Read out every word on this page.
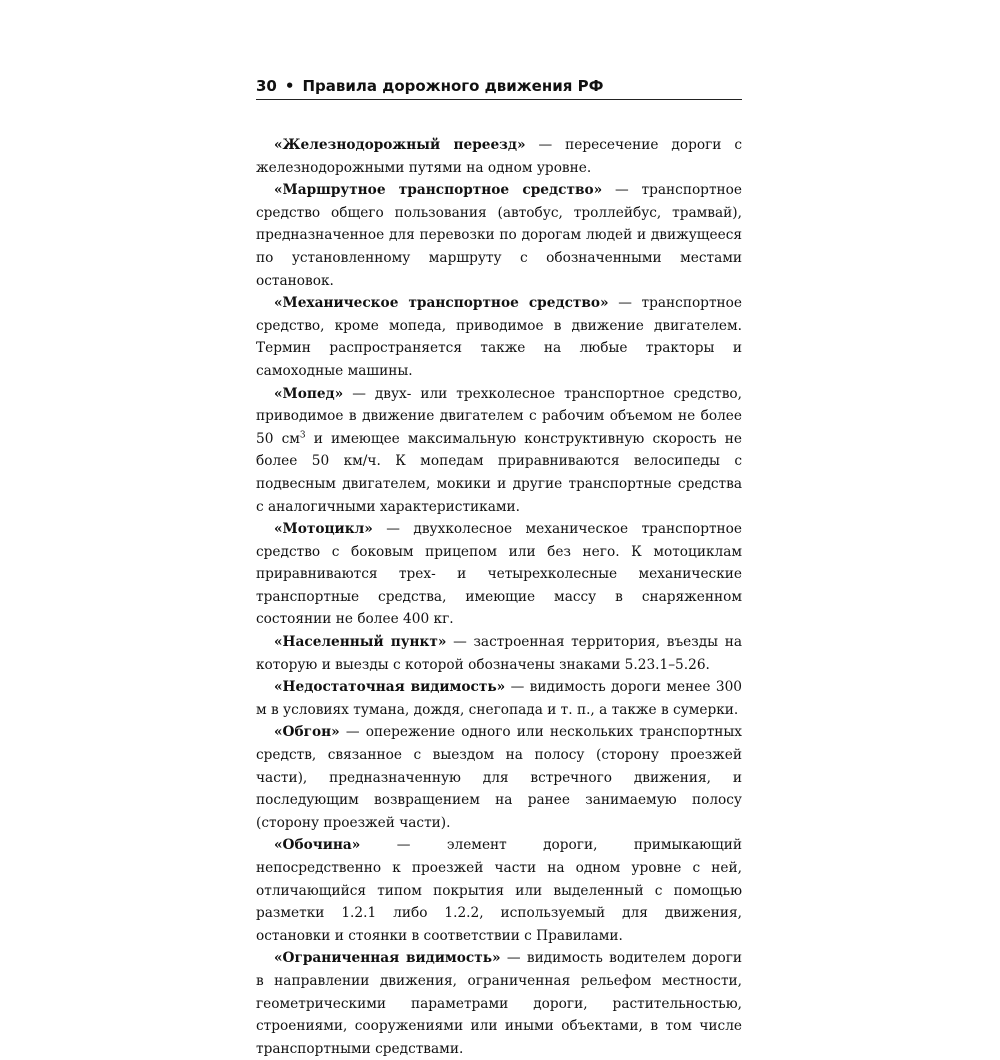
30 • Правила дорожного движения РФ

«Железнодорожный переезд» — пересечение дороги с железнодорожными путями на одном уровне.

«Маршрутное транспортное средство» — транспортное средство общего пользования (автобус, троллейбус, трамвай), предназначенное для перевозки по дорогам людей и движущееся по установленному маршруту с обозначенными местами остановок.

«Механическое транспортное средство» — транспортное средство, кроме мопеда, приводимое в движение двигателем. Термин распространяется также на любые тракторы и самоходные машины.

«Мопед» — двух- или трехколесное транспортное средство, приводимое в движение двигателем с рабочим объемом не более 50 $см^3$ и имеющее максимальную конструктивную скорость не более 50 км/ч. К мопедам приравниваются велосипеды с подвесным двигателем, мокики и другие транспортные средства с аналогичными характеристиками.

«Мотоцикл» — двухколесное механическое транспортное средство с боковым прицепом или без него. К мотоциклам приравниваются трех- и четырехколесные механические транспортные средства, имеющие массу в снаряженном состоянии не более 400 кг.

«Населенный пункт» — застроенная территория, въезды на которую и выезды с которой обозначены знаками 5.23.1–5.26.

«Недостаточная видимость» — видимость дороги менее 300 м в условиях тумана, дождя, снегопада и т. п., а также в сумерки.

«Обгон» — опережение одного или нескольких транспортных средств, связанное с выездом на полосу (сторону проезжей части), предназначенную для встречного движения, и последующим возвращением на ранее занимаемую полосу (сторону проезжей части).

«Обочина» — элемент дороги, примыкающий непосредственно к проезжей части на одном уровне с ней, отличающийся типом покрытия или выделенный с помощью разметки 1.2.1 либо 1.2.2, используемый для движения, остановки и стоянки в соответствии с Правилами.

«Ограниченная видимость» — видимость водителем дороги в направлении движения, ограниченная рельефом местности, геометрическими параметрами дороги, растительностью, строениями, сооружениями или иными объектами, в том числе транспортными средствами.
